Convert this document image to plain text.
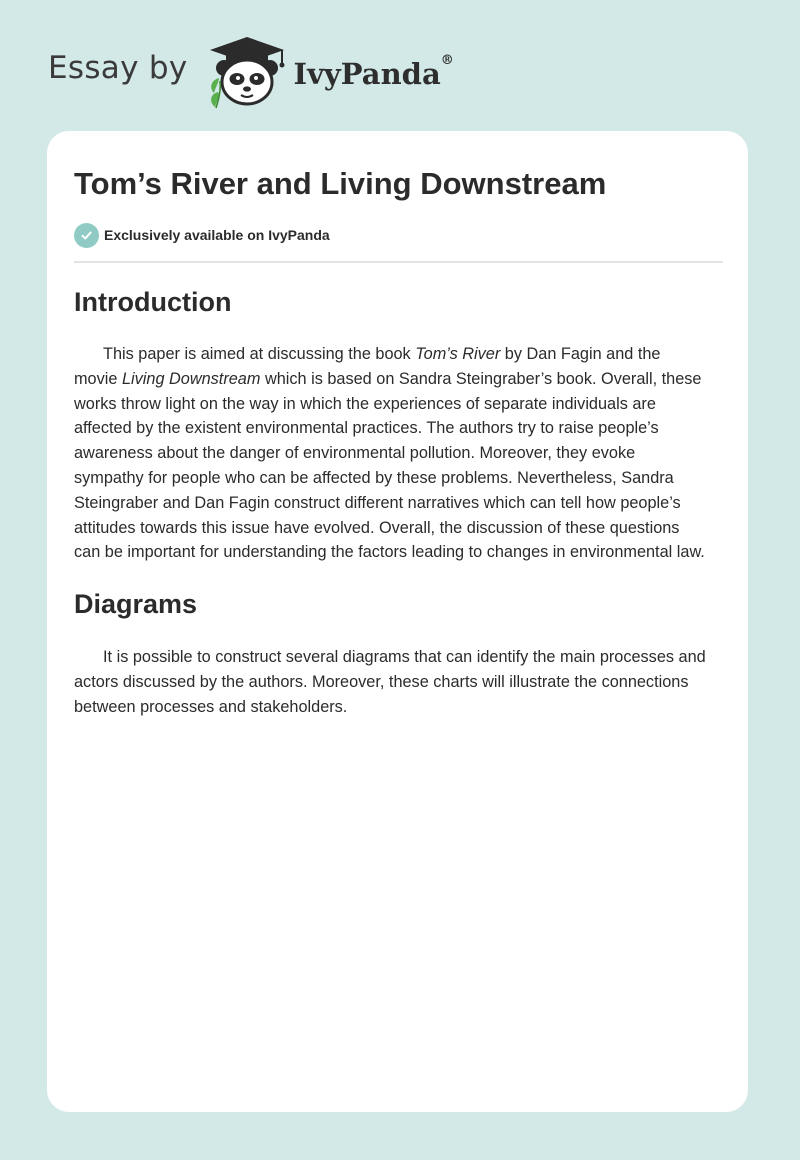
Essay by	IvyPanda®
Tom’s River and Living Downstream
Exclusively available on IvyPanda
Introduction

This paper is aimed at discussing the book Tom’s River by Dan Fagin and the
movie Living Downstream which is based on Sandra Steingraber’s book. Overall, these
works throw light on the way in which the experiences of separate individuals are
affected by the existent environmental practices. The authors try to raise people’s
awareness about the danger of environmental pollution. Moreover, they evoke
sympathy for people who can be affected by these problems. Nevertheless, Sandra
Steingraber and Dan Fagin construct different narratives which can tell how people’s
attitudes towards this issue have evolved. Overall, the discussion of these questions
can be important for understanding the factors leading to changes in environmental law.

Diagrams

It is possible to construct several diagrams that can identify the main processes and
actors discussed by the authors. Moreover, these charts will illustrate the connections
between processes and stakeholders.
